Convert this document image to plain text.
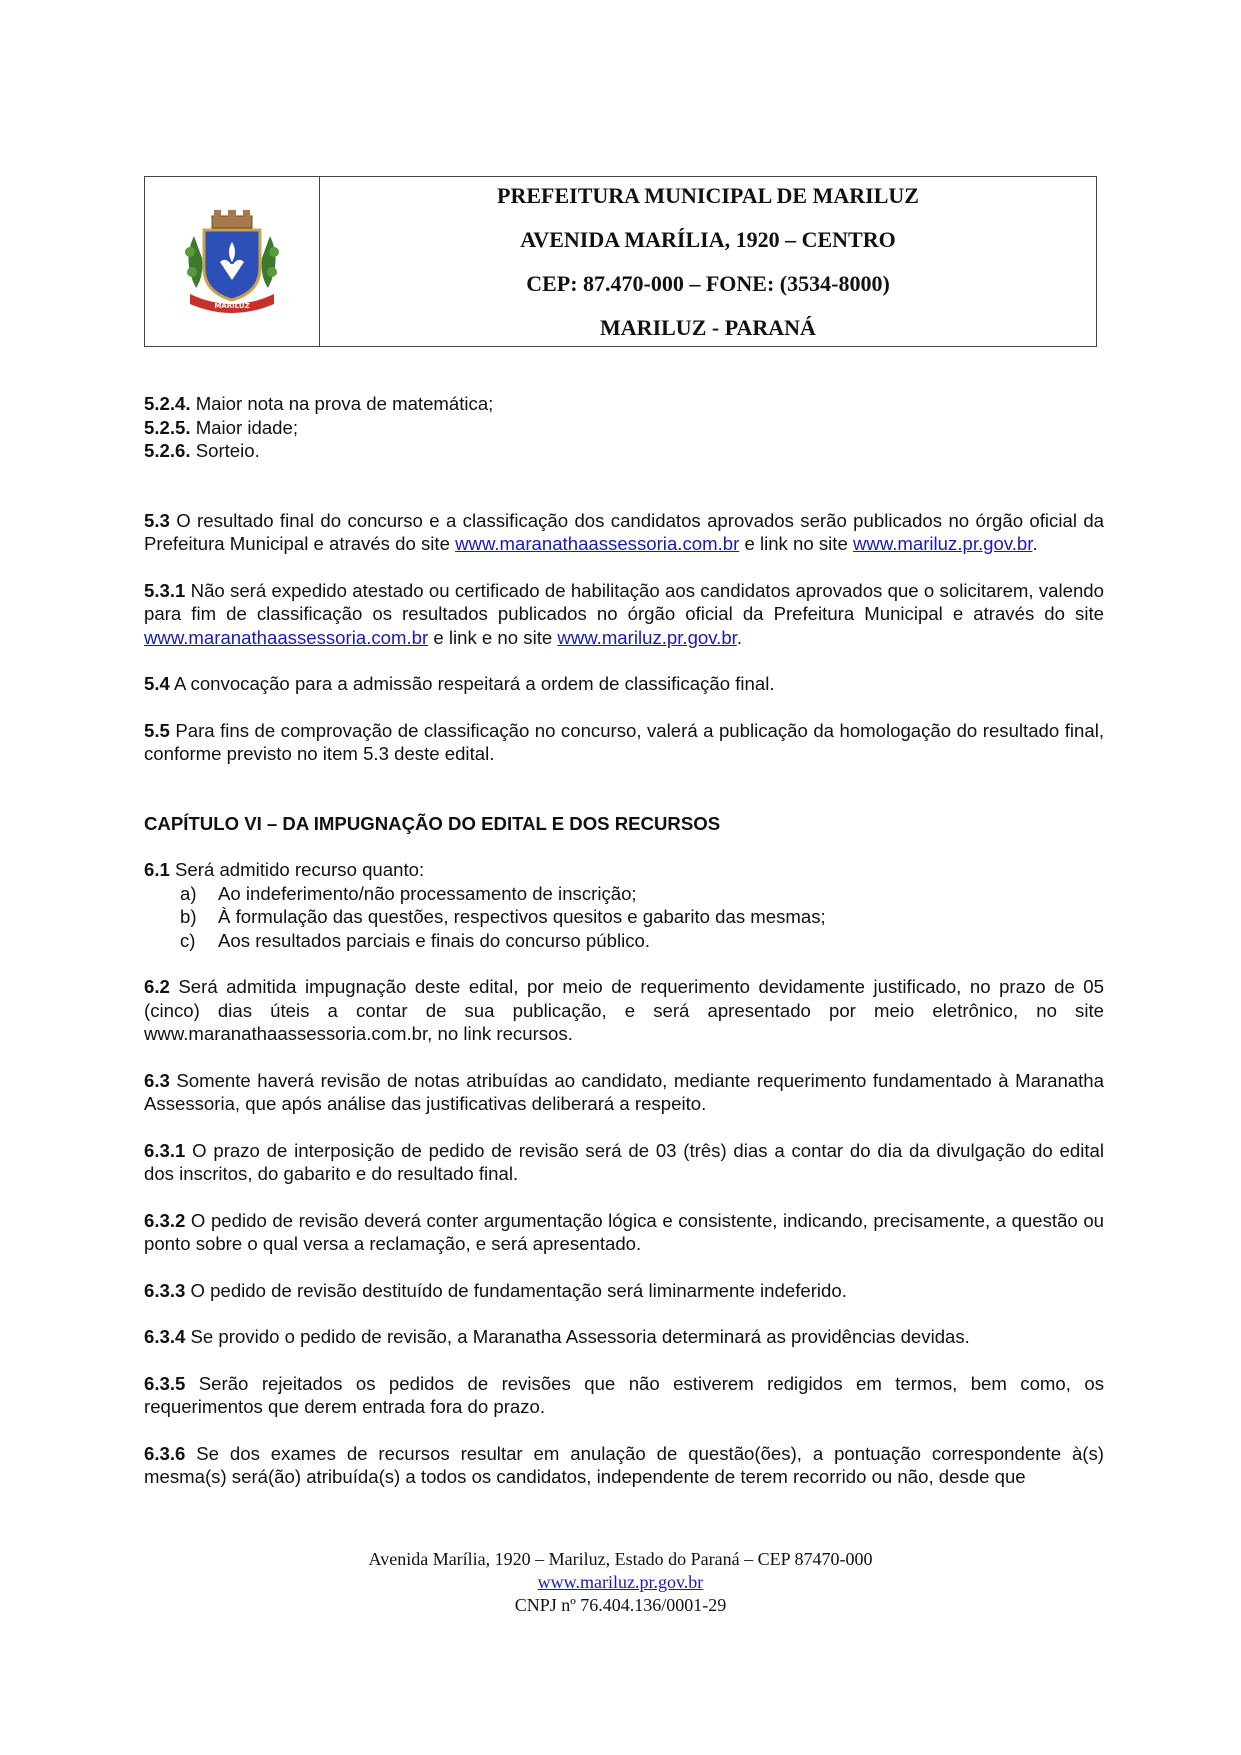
MARILUZ
PREFEITURA MUNICIPAL DE MARILUZ
AVENIDA MARÍLIA, 1920 – CENTRO
CEP: 87.470-000 – FONE: (3534-8000)
MARILUZ - PARANÁ

5.2.4. Maior nota na prova de matemática;

5.2.5. Maior idade;

5.2.6. Sorteio.

5.3 O resultado final do concurso e a classificação dos candidatos aprovados serão publicados no órgão oficial da Prefeitura Municipal e através do site www.maranathaassessoria.com.br e link no site www.mariluz.pr.gov.br.

5.3.1 Não será expedido atestado ou certificado de habilitação aos candidatos aprovados que o solicitarem, valendo para fim de classificação os resultados publicados no órgão oficial da Prefeitura Municipal e através do site www.maranathaassessoria.com.br e link e no site www.mariluz.pr.gov.br.

5.4 A convocação para a admissão respeitará a ordem de classificação final.

5.5 Para fins de comprovação de classificação no concurso, valerá a publicação da homologação do resultado final, conforme previsto no item 5.3 deste edital.

CAPÍTULO VI – DA IMPUGNAÇÃO DO EDITAL E DOS RECURSOS

6.1 Será admitido recurso quanto:

a)	Ao indeferimento/não processamento de inscrição;
b)	À formulação das questões, respectivos quesitos e gabarito das mesmas;
c)	Aos resultados parciais e finais do concurso público.

6.2 Será admitida impugnação deste edital, por meio de requerimento devidamente justificado, no prazo de 05 (cinco) dias úteis a contar de sua publicação, e será apresentado por meio eletrônico, no site www.maranathaassessoria.com.br, no link recursos.

6.3 Somente haverá revisão de notas atribuídas ao candidato, mediante requerimento fundamentado à Maranatha Assessoria, que após análise das justificativas deliberará a respeito.

6.3.1 O prazo de interposição de pedido de revisão será de 03 (três) dias a contar do dia da divulgação do edital dos inscritos, do gabarito e do resultado final.

6.3.2 O pedido de revisão deverá conter argumentação lógica e consistente, indicando, precisamente, a questão ou ponto sobre o qual versa a reclamação, e será apresentado.

6.3.3 O pedido de revisão destituído de fundamentação será liminarmente indeferido.

6.3.4 Se provido o pedido de revisão, a Maranatha Assessoria determinará as providências devidas.

6.3.5 Serão rejeitados os pedidos de revisões que não estiverem redigidos em termos, bem como, os requerimentos que derem entrada fora do prazo.

6.3.6 Se dos exames de recursos resultar em anulação de questão(ões), a pontuação correspondente à(s) mesma(s) será(ão) atribuída(s) a todos os candidatos, independente de terem recorrido ou não, desde que

Avenida Marília, 1920 – Mariluz, Estado do Paraná – CEP 87470-000
www.mariluz.pr.gov.br
CNPJ nº 76.404.136/0001-29
